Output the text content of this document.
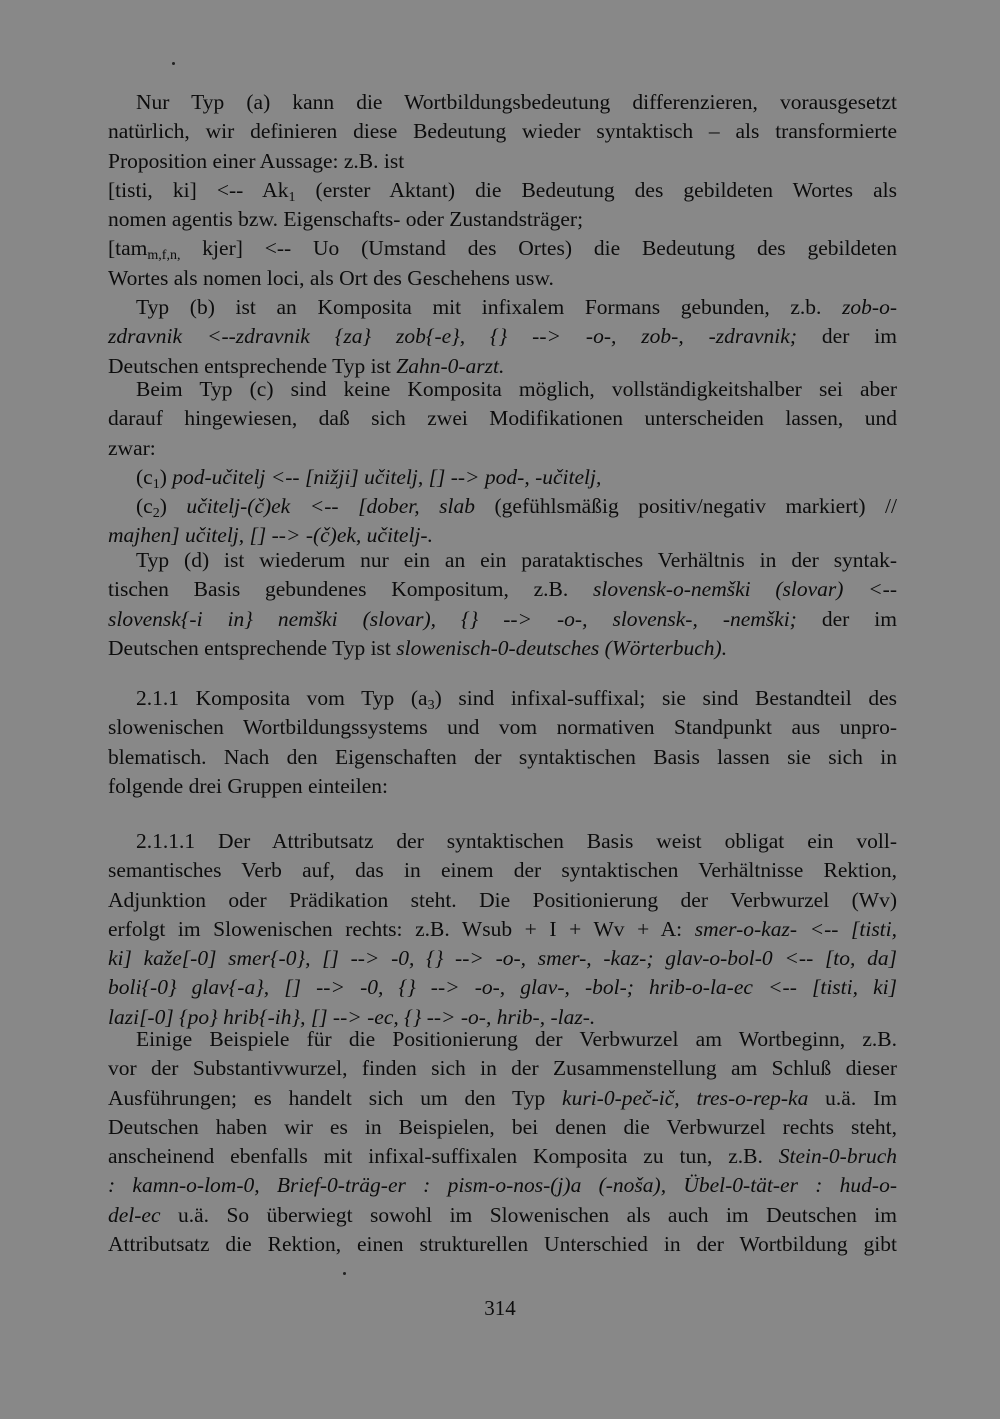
Nur Typ (a) kann die Wortbildungsbedeutung differenzieren, vorausgesetzt
natürlich, wir definieren diese Bedeutung wieder syntaktisch – als transformierte
Proposition einer Aussage: z.B. ist
[tisti, ki] <-- $Ak_1$ (erster Aktant) die Bedeutung des gebildeten Wortes als
nomen agentis bzw. Eigenschafts- oder Zustandsträger;
[tam$_{m,f,n,}$ kjer] <-- Uo (Umstand des Ortes) die Bedeutung des gebildeten
Wortes als nomen loci, als Ort des Geschehens usw.
Typ (b) ist an Komposita mit infixalem Formans gebunden, z.b. zob-o-
zdravnik <--zdravnik {za} zob{-e}, {} --> -o-, zob-, -zdravnik; der im
Deutschen entsprechende Typ ist Zahn-0-arzt.
Beim Typ (c) sind keine Komposita möglich, vollständigkeitshalber sei aber
darauf hingewiesen, daß sich zwei Modifikationen unterscheiden lassen, und
zwar:
$(c_1)$ pod-učitelj <-- [nižji] učitelj, [] --> pod-, -učitelj,
$(c_2)$ učitelj-(č)ek <-- [dober, slab (gefühlsmäßig positiv/negativ markiert) //
majhen] učitelj, [] --> -(č)ek, učitelj-.
Typ (d) ist wiederum nur ein an ein parataktisches Verhältnis in der syntak-
tischen Basis gebundenes Kompositum, z.B. slovensk-o-nemški (slovar) <--
slovensk{-i in} nemški (slovar), {} --> -o-, slovensk-, -nemški; der im
Deutschen entsprechende Typ ist slowenisch-0-deutsches (Wörterbuch).
2.1.1 Komposita vom Typ $(a_3)$ sind infixal-suffixal; sie sind Bestandteil des
slowenischen Wortbildungssystems und vom normativen Standpunkt aus unpro-
blematisch. Nach den Eigenschaften der syntaktischen Basis lassen sie sich in
folgende drei Gruppen einteilen:
2.1.1.1 Der Attributsatz der syntaktischen Basis weist obligat ein voll-
semantisches Verb auf, das in einem der syntaktischen Verhältnisse Rektion,
Adjunktion oder Prädikation steht. Die Positionierung der Verbwurzel (Wv)
erfolgt im Slowenischen rechts: z.B. Wsub + I + Wv + A: smer-o-kaz- <-- [tisti,
ki] kaže[-0] smer{-0}, [] --> -0, {} --> -o-, smer-, -kaz-; glav-o-bol-0 <-- [to, da]
boli{-0} glav{-a}, [] --> -0, {} --> -o-, glav-, -bol-; hrib-o-la-ec <-- [tisti, ki]
lazi[-0] {po} hrib{-ih}, [] --> -ec, {} --> -o-, hrib-, -laz-.
Einige Beispiele für die Positionierung der Verbwurzel am Wortbeginn, z.B.
vor der Substantivwurzel, finden sich in der Zusammenstellung am Schluß dieser
Ausführungen; es handelt sich um den Typ kuri-0-peč-ič, tres-o-rep-ka u.ä. Im
Deutschen haben wir es in Beispielen, bei denen die Verbwurzel rechts steht,
anscheinend ebenfalls mit infixal-suffixalen Komposita zu tun, z.B. Stein-0-bruch
: kamn-o-lom-0, Brief-0-träg-er : pism-o-nos-(j)a (-noša), Übel-0-tät-er : hud-o-
del-ec u.ä. So überwiegt sowohl im Slowenischen als auch im Deutschen im
Attributsatz die Rektion, einen strukturellen Unterschied in der Wortbildung gibt
314
